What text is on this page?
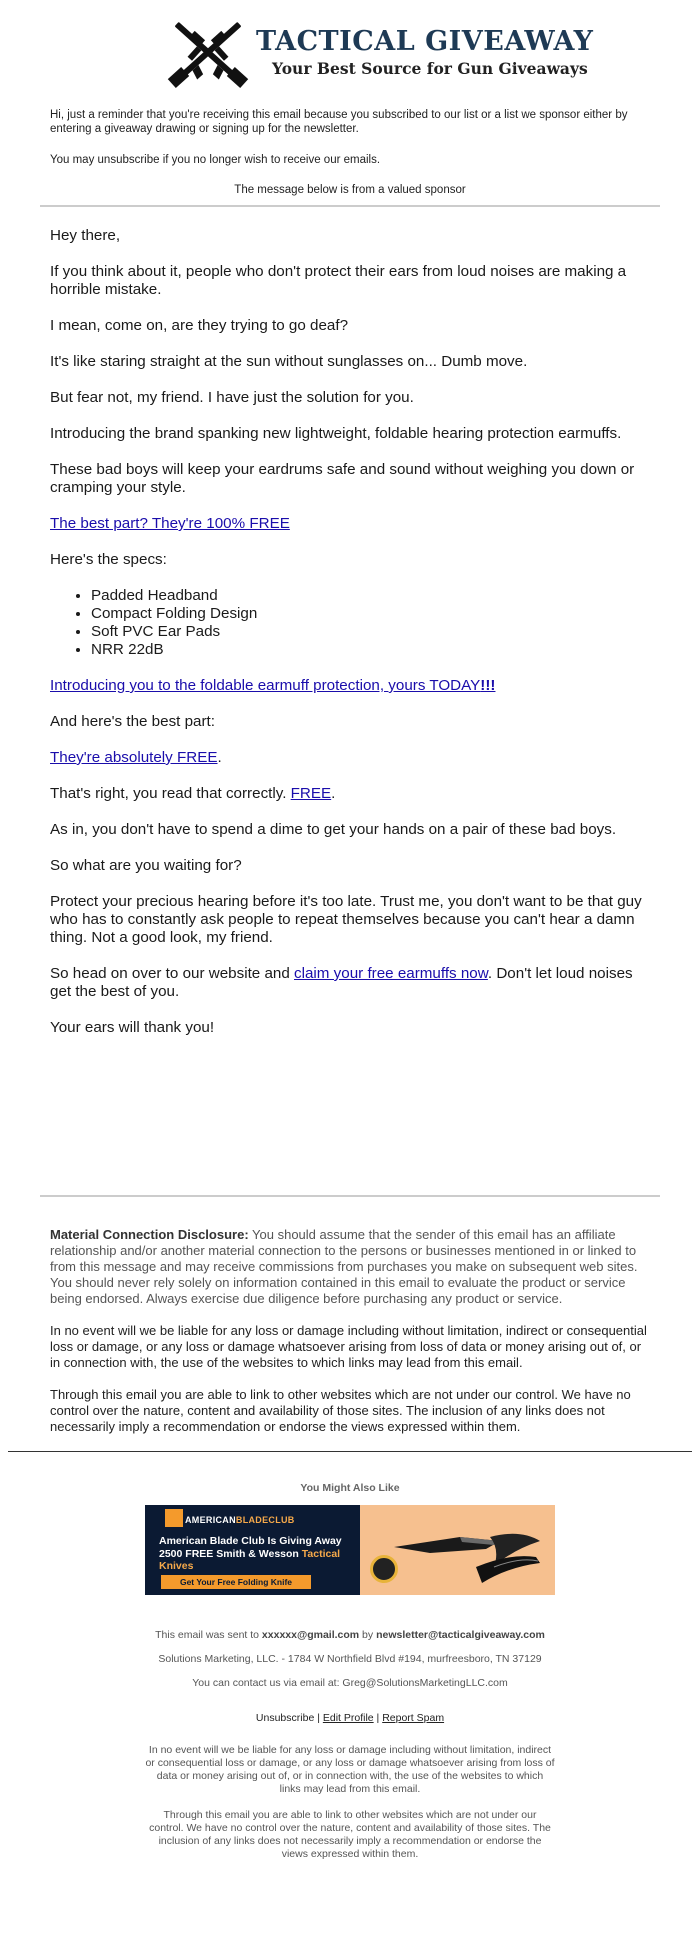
TACTICAL GIVEAWAY
Your Best Source for Gun Giveaways

Hi, just a reminder that you're receiving this email because you subscribed to our list or a list we sponsor either by entering a giveaway drawing or signing up for the newsletter.

You may unsubscribe if you no longer wish to receive our emails.

The message below is from a valued sponsor

Hey there,

If you think about it, people who don't protect their ears from loud noises are making a horrible mistake.

I mean, come on, are they trying to go deaf?

It's like staring straight at the sun without sunglasses on... Dumb move.

But fear not, my friend. I have just the solution for you.

Introducing the brand spanking new lightweight, foldable hearing protection earmuffs.

These bad boys will keep your eardrums safe and sound without weighing you down or cramping your style.

The best part? They're 100% FREE

Here's the specs:

• Padded Headband
• Compact Folding Design
• Soft PVC Ear Pads
• NRR 22dB

Introducing you to the foldable earmuff protection, yours TODAY!!!

And here's the best part:

They're absolutely FREE.

That's right, you read that correctly. FREE.

As in, you don't have to spend a dime to get your hands on a pair of these bad boys.

So what are you waiting for?

Protect your precious hearing before it's too late. Trust me, you don't want to be that guy who has to constantly ask people to repeat themselves because you can't hear a damn thing. Not a good look, my friend.

So head on over to our website and claim your free earmuffs now. Don't let loud noises
get the best of you.

Your ears will thank you!

Material Connection Disclosure: You should assume that the sender of this email has an affiliate relationship and/or another material connection to the persons or businesses mentioned in or linked to from this message and may receive commissions from purchases you make on subsequent web sites. You should never rely solely on information contained in this email to evaluate the product or service being endorsed. Always exercise due diligence before purchasing any product or service.

In no event will we be liable for any loss or damage including without limitation, indirect or consequential loss or damage, or any loss or damage whatsoever arising from loss of data or money arising out of, or in connection with, the use of the websites to which links may lead from this email.

Through this email you are able to link to other websites which are not under our control. We have no control over the nature, content and availability of those sites. The inclusion of any links does not necessarily imply a recommendation or endorse the views expressed within them.

You Might Also Like
AMERICANBLADECLUB
American Blade Club Is Giving Away 2500 FREE Smith & Wesson Tactical Knives
Get Your Free Folding Knife
This email was sent to xxxxxx@gmail.com by newsletter@tacticalgiveaway.com
Solutions Marketing, LLC. - 1784 W Northfield Blvd #194, murfreesboro, TN 37129
You can contact us via email at: Greg@SolutionsMarketingLLC.com
Unsubscribe | Edit Profile | Report Spam

In no event will we be liable for any loss or damage including without limitation, indirect or consequential loss or damage, or any loss or damage whatsoever arising from loss of data or money arising out of, or in connection with, the use of the websites to which links may lead from this email.

Through this email you are able to link to other websites which are not under our control. We have no control over the nature, content and availability of those sites. The inclusion of any links does not necessarily imply a recommendation or endorse the views expressed within them.
